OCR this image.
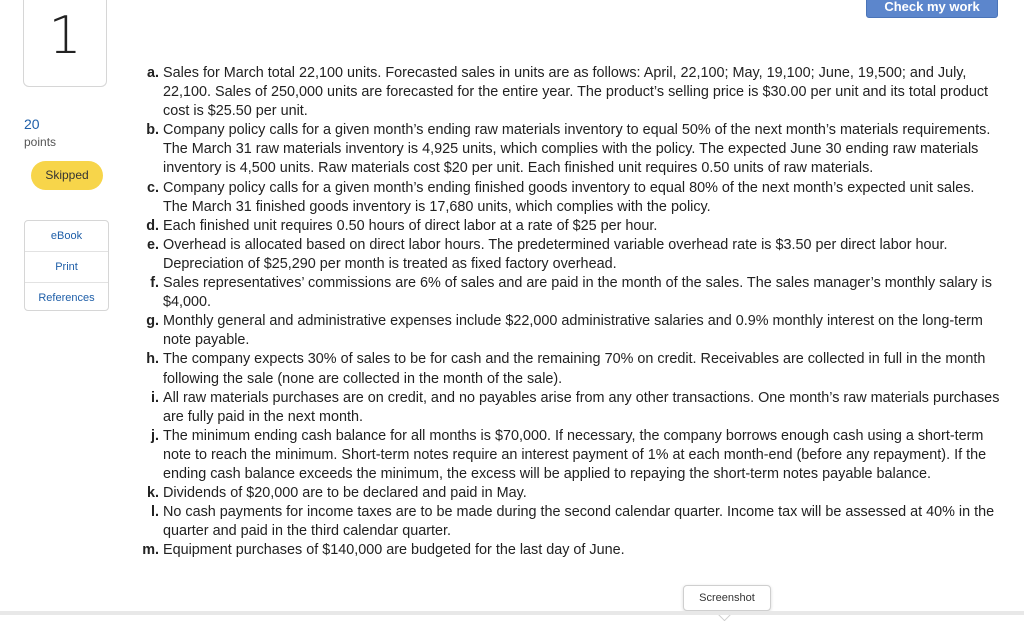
1
20
points
Skipped
eBook
Print
References
Check my work
a.
Sales for March total 22,100 units. Forecasted sales in units are as follows: April, 22,100; May, 19,100; June, 19,500; and July, 22,100. Sales of 250,000 units are forecasted for the entire year. The product’s selling price is $30.00 per unit and its total product cost is $25.50 per unit.
b.
Company policy calls for a given month’s ending raw materials inventory to equal 50% of the next month’s materials requirements. The March 31 raw materials inventory is 4,925 units, which complies with the policy. The expected June 30 ending raw materials inventory is 4,500 units. Raw materials cost $20 per unit. Each finished unit requires 0.50 units of raw materials.
c.
Company policy calls for a given month’s ending finished goods inventory to equal 80% of the next month’s expected unit sales. The March 31 finished goods inventory is 17,680 units, which complies with the policy.
d.
Each finished unit requires 0.50 hours of direct labor at a rate of $25 per hour.
e.
Overhead is allocated based on direct labor hours. The predetermined variable overhead rate is $3.50 per direct labor hour. Depreciation of $25,290 per month is treated as fixed factory overhead.
f.
Sales representatives’ commissions are 6% of sales and are paid in the month of the sales. The sales manager’s monthly salary is $4,000.
g.
Monthly general and administrative expenses include $22,000 administrative salaries and 0.9% monthly interest on the long-term note payable.
h.
The company expects 30% of sales to be for cash and the remaining 70% on credit. Receivables are collected in full in the month following the sale (none are collected in the month of the sale).
i.
All raw materials purchases are on credit, and no payables arise from any other transactions. One month’s raw materials purchases are fully paid in the next month.
j.
The minimum ending cash balance for all months is $70,000. If necessary, the company borrows enough cash using a short-term note to reach the minimum. Short-term notes require an interest payment of 1% at each month-end (before any repayment). If the ending cash balance exceeds the minimum, the excess will be applied to repaying the short-term notes payable balance.
k.
Dividends of $20,000 are to be declared and paid in May.
l.
No cash payments for income taxes are to be made during the second calendar quarter. Income tax will be assessed at 40% in the quarter and paid in the third calendar quarter.
m.
Equipment purchases of $140,000 are budgeted for the last day of June.
Screenshot
